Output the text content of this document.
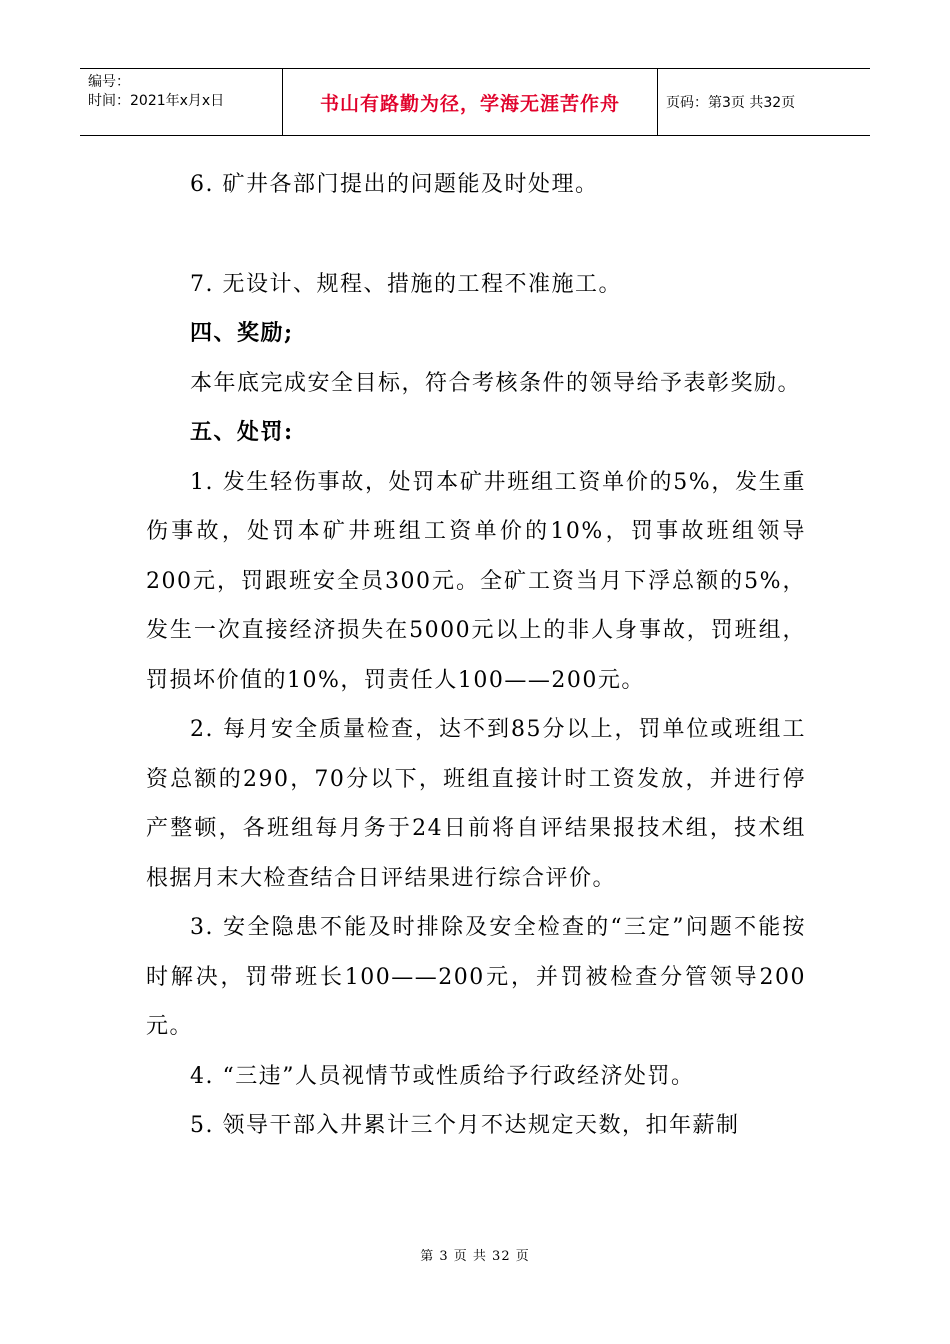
编号：
时间：2021年x月x日	书山有路勤为径，学海无涯苦作舟	页码：第3页 共32页

6. 矿井各部门提出的问题能及时处理。

7. 无设计、规程、措施的工程不准施工。

四、奖励;

本年底完成安全目标，符合考核条件的领导给予表彰奖励。

五、处罚:

1. 发生轻伤事故，处罚本矿井班组工资单价的5%，发生重伤事故，处罚本矿井班组工资单价的10%，罚事故班组领导200元，罚跟班安全员300元。全矿工资当月下浮总额的5%，发生一次直接经济损失在5000元以上的非人身事故，罚班组，罚损坏价值的10%，罚责任人100——200元。

2. 每月安全质量检查，达不到85分以上，罚单位或班组工资总额的290，70分以下，班组直接计时工资发放，并进行停产整顿，各班组每月务于24日前将自评结果报技术组，技术组根据月末大检查结合日评结果进行综合评价。

3. 安全隐患不能及时排除及安全检查的“三定”问题不能按时解决，罚带班长100——200元，并罚被检查分管领导200元。

4. “三违”人员视情节或性质给予行政经济处罚。

5. 领导干部入井累计三个月不达规定天数，扣年薪制

第 3 页 共 32 页
